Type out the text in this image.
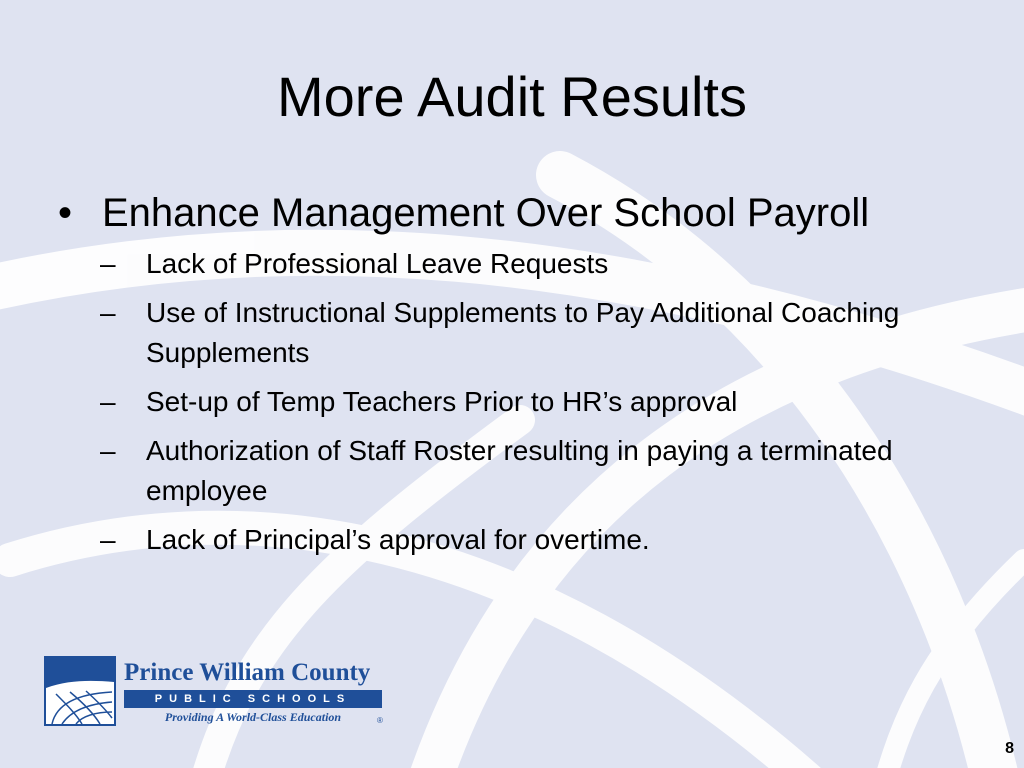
More Audit Results
• Enhance Management Over School Payroll
– Lack of Professional Leave Requests
– Use of Instructional Supplements to Pay Additional Coaching Supplements
– Set-up of Temp Teachers Prior to HR’s approval
– Authorization of Staff Roster resulting in paying a terminated employee
– Lack of Principal’s approval for overtime.
Prince William County
PUBLIC SCHOOLS
Providing A World-Class Education	®
8
